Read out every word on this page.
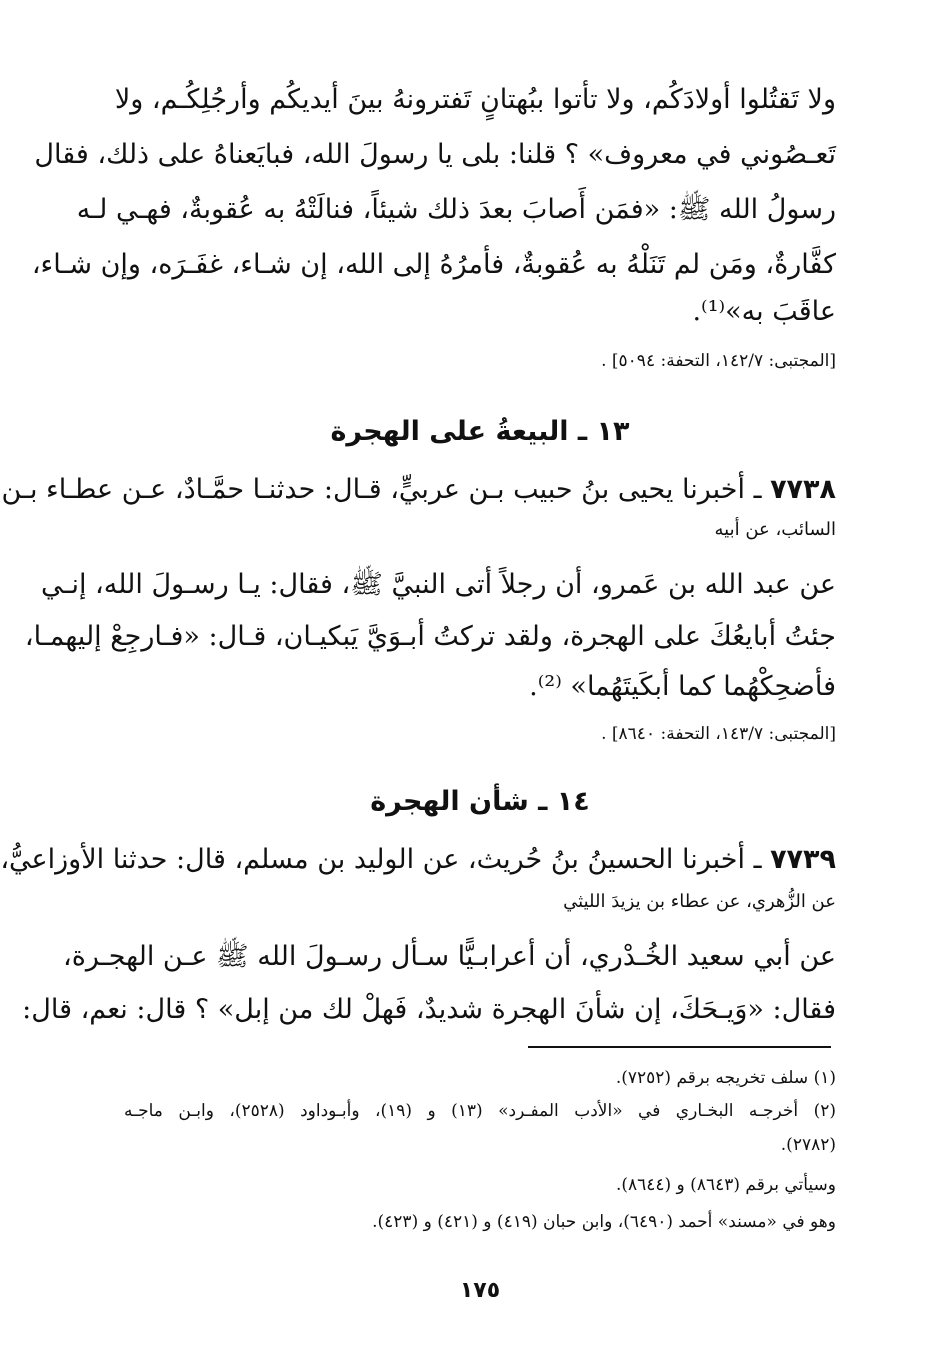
ولا تَقتُلوا أولادَكُم، ولا تأتوا ببُهتانٍ تَفترونهُ بينَ أيديكُم وأرجُلِكُـم، ولا
تَعـصُوني في معروف» ؟ قلنا: بلى يا رسولَ الله، فبايَعناهُ على ذلك، فقال
رسولُ الله ﷺ: «فمَن أَصابَ بعدَ ذلك شيئاً، فنالَتْهُ به عُقوبةٌ، فهـي لـه
كفَّارةٌ، ومَن لم تَنَلْهُ به عُقوبةٌ، فأمرُهُ إلى الله، إن شـاء، غفَـرَه، وإن شـاء،
عاقَبَ به»⁽¹⁾.
[المجتبى: ١٤٢/٧، التحفة: ٥٠٩٤] .
١٣ ـ البيعةُ على الهجرة
٧٧٣٨ ـ أخبرنا يحيى بنُ حبيب بـن عربيٍّ، قـال: حدثنـا حمَّـادٌ، عـن عطـاء بـن
السائب، عن أبيه
عن عبد الله بن عَمرو، أن رجلاً أتى النبيَّ ﷺ، فقال: يـا رسـولَ الله، إنـي
جئتُ أبايعُكَ على الهجرة، ولقد تركتُ أبـوَيَّ يَبكيـان، قـال: «فـارجِعْ إليهمـا،
فأضحِكْهُما كما أبكَيتَهُما» ⁽²⁾.
[المجتبى: ١٤٣/٧، التحفة: ٨٦٤٠] .
١٤ ـ شأن الهجرة
٧٧٣٩ ـ أخبرنا الحسينُ بنُ حُريث، عن الوليد بن مسلم، قال: حدثنا الأوزاعيُّ،
عن الزُّهري، عن عطاء بن يزيدَ الليثي
عن أبي سعيد الخُـدْري، أن أعرابـيًّا سـأل رسـولَ الله ﷺ عـن الهجـرة،
فقال: «وَيـحَكَ، إن شأنَ الهجرة شديدٌ، فَهلْ لك من إبل» ؟ قال: نعم، قال:
(١) سلف تخريجه برقم (٧٢٥٢).
(٢) أخرجـه البخـاري في «الأدب المفـرد» (١٣) و (١٩)، وأبـوداود (٢٥٢٨)، وابـن ماجـه
(٢٧٨٢).
وسيأتي برقم (٨٦٤٣) و (٨٦٤٤).
وهو في «مسند» أحمد (٦٤٩٠)، وابن حبان (٤١٩) و (٤٢١) و (٤٢٣).
١٧٥
